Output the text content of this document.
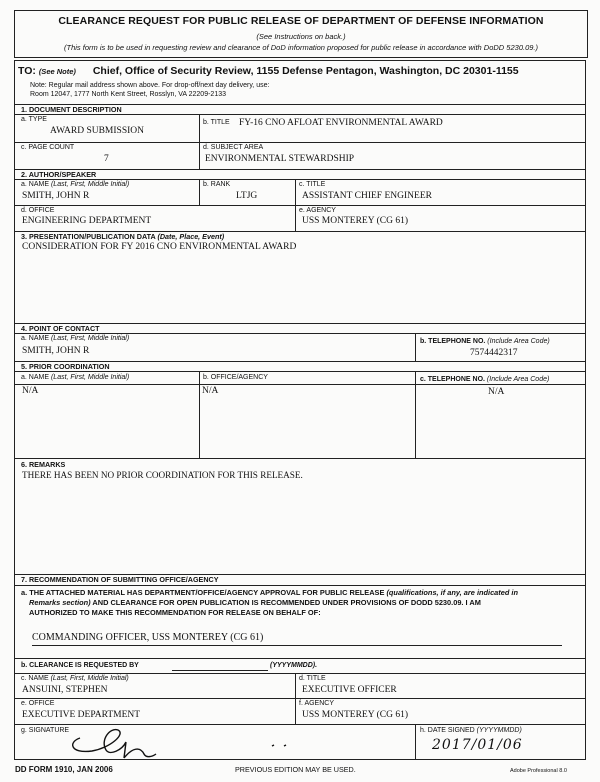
CLEARANCE REQUEST FOR PUBLIC RELEASE OF DEPARTMENT OF DEFENSE INFORMATION
(See Instructions on back.)
(This form is to be used in requesting review and clearance of DoD information proposed for public release in accordance with DoDD 5230.09.)
TO: (See Note) Chief, Office of Security Review, 1155 Defense Pentagon, Washington, DC 20301-1155
Note: Regular mail address shown above. For drop-off/next day delivery, use:
Room 12047, 1777 North Kent Street, Rosslyn, VA 22209-2133
1. DOCUMENT DESCRIPTION
a. TYPE
AWARD SUBMISSION
b. TITLE FY-16 CNO AFLOAT ENVIRONMENTAL AWARD
c. PAGE COUNT
7
d. SUBJECT AREA
ENVIRONMENTAL STEWARDSHIP
2. AUTHOR/SPEAKER
a. NAME (Last, First, Middle Initial)
SMITH, JOHN R
b. RANK
LTJG
c. TITLE
ASSISTANT CHIEF ENGINEER
d. OFFICE
ENGINEERING DEPARTMENT
e. AGENCY
USS MONTEREY (CG 61)
3. PRESENTATION/PUBLICATION DATA (Date, Place, Event)
CONSIDERATION FOR FY 2016 CNO ENVIRONMENTAL AWARD
4. POINT OF CONTACT
a. NAME (Last, First, Middle Initial)
SMITH, JOHN R
b. TELEPHONE NO. (Include Area Code)
7574442317
5. PRIOR COORDINATION
a. NAME (Last, First, Middle Initial)	b. OFFICE/AGENCY	c. TELEPHONE NO. (Include Area Code)
N/A	N/A	N/A
6. REMARKS
THERE HAS BEEN NO PRIOR COORDINATION FOR THIS RELEASE.
7. RECOMMENDATION OF SUBMITTING OFFICE/AGENCY
a. THE ATTACHED MATERIAL HAS DEPARTMENT/OFFICE/AGENCY APPROVAL FOR PUBLIC RELEASE (qualifications, if any, are indicated in
Remarks section) AND CLEARANCE FOR OPEN PUBLICATION IS RECOMMENDED UNDER PROVISIONS OF DODD 5230.09. I AM
AUTHORIZED TO MAKE THIS RECOMMENDATION FOR RELEASE ON BEHALF OF:
COMMANDING OFFICER, USS MONTEREY (CG 61)
b. CLEARANCE IS REQUESTED BY	(YYYYMMDD).
c. NAME (Last, First, Middle Initial)
ANSUINI, STEPHEN
d. TITLE
EXECUTIVE OFFICER
e. OFFICE
EXECUTIVE DEPARTMENT
f. AGENCY
USS MONTEREY (CG 61)
g. SIGNATURE	h. DATE SIGNED (YYYYMMDD)
2017/01/06
DD FORM 1910, JAN 2006	PREVIOUS EDITION MAY BE USED.	Adobe Professional 8.0
